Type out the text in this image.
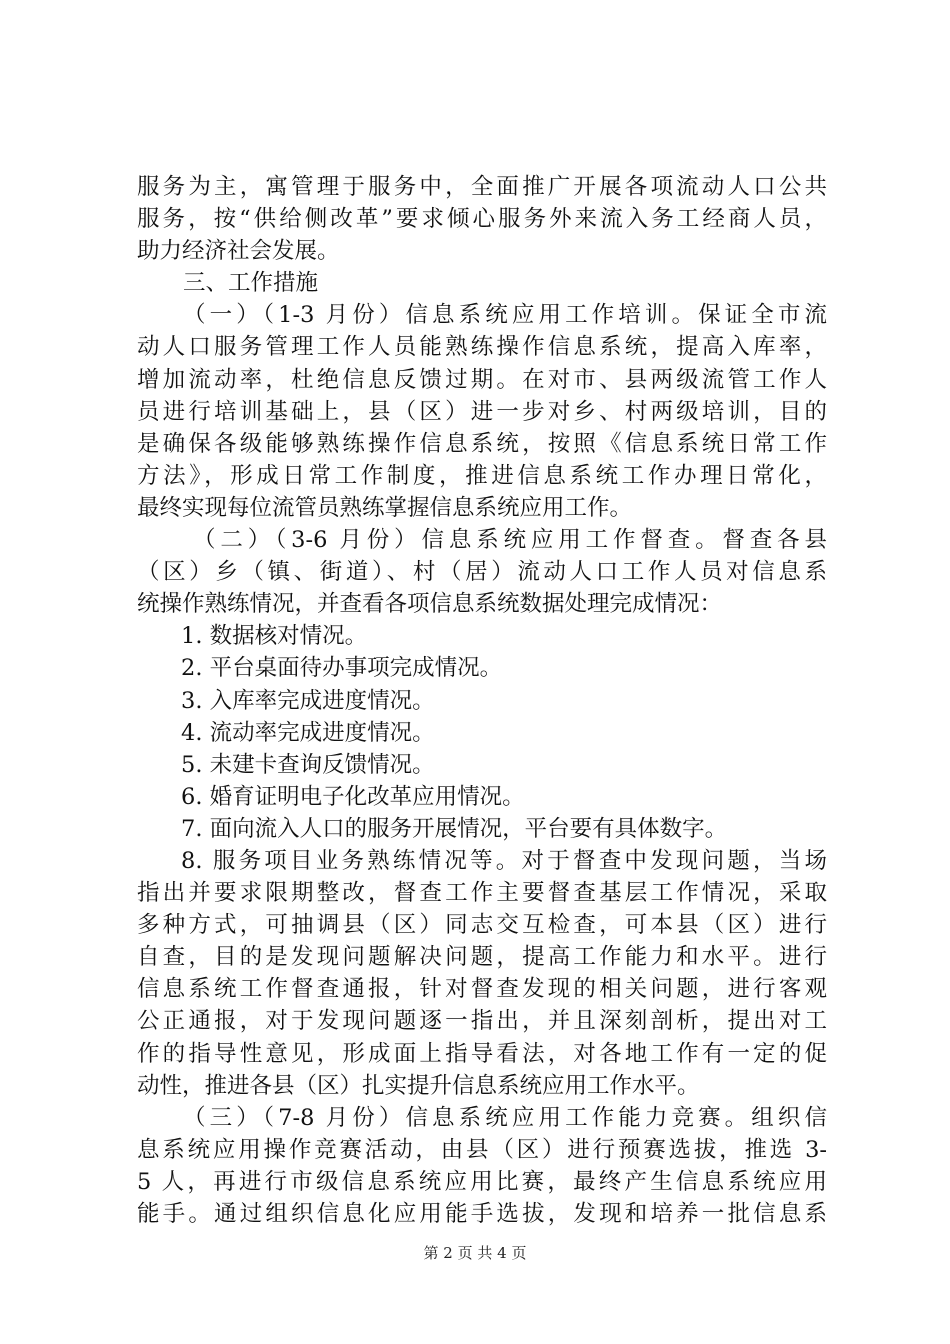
服务为主，寓管理于服务中，全面推广开展各项流动人口公共
服务，按“供给侧改革”要求倾心服务外来流入务工经商人员，
助力经济社会发展。
三、工作措施
（一）（1-3 月份）信息系统应用工作培训。保证全市流
动人口服务管理工作人员能熟练操作信息系统，提高入库率，
增加流动率，杜绝信息反馈过期。在对市、县两级流管工作人
员进行培训基础上，县（区）进一步对乡、村两级培训，目的
是确保各级能够熟练操作信息系统，按照《信息系统日常工作
方法》，形成日常工作制度，推进信息系统工作办理日常化，
最终实现每位流管员熟练掌握信息系统应用工作。
（二）（3-6 月份）信息系统应用工作督查。督查各县
（区）乡（镇、街道）、村（居）流动人口工作人员对信息系
统操作熟练情况，并查看各项信息系统数据处理完成情况：
1. 数据核对情况。
2. 平台桌面待办事项完成情况。
3. 入库率完成进度情况。
4. 流动率完成进度情况。
5. 未建卡查询反馈情况。
6. 婚育证明电子化改革应用情况。
7. 面向流入人口的服务开展情况，平台要有具体数字。
8. 服务项目业务熟练情况等。对于督查中发现问题，当场
指出并要求限期整改，督查工作主要督查基层工作情况，采取
多种方式，可抽调县（区）同志交互检查，可本县（区）进行
自查，目的是发现问题解决问题，提高工作能力和水平。进行
信息系统工作督查通报，针对督查发现的相关问题，进行客观
公正通报，对于发现问题逐一指出，并且深刻剖析，提出对工
作的指导性意见，形成面上指导看法，对各地工作有一定的促
动性，推进各县（区）扎实提升信息系统应用工作水平。
（三）（7-8 月份）信息系统应用工作能力竞赛。组织信
息系统应用操作竞赛活动，由县（区）进行预赛选拔，推选 3-
5 人，再进行市级信息系统应用比赛，最终产生信息系统应用
能手。通过组织信息化应用能手选拔，发现和培养一批信息系
第 2 页 共 4 页
